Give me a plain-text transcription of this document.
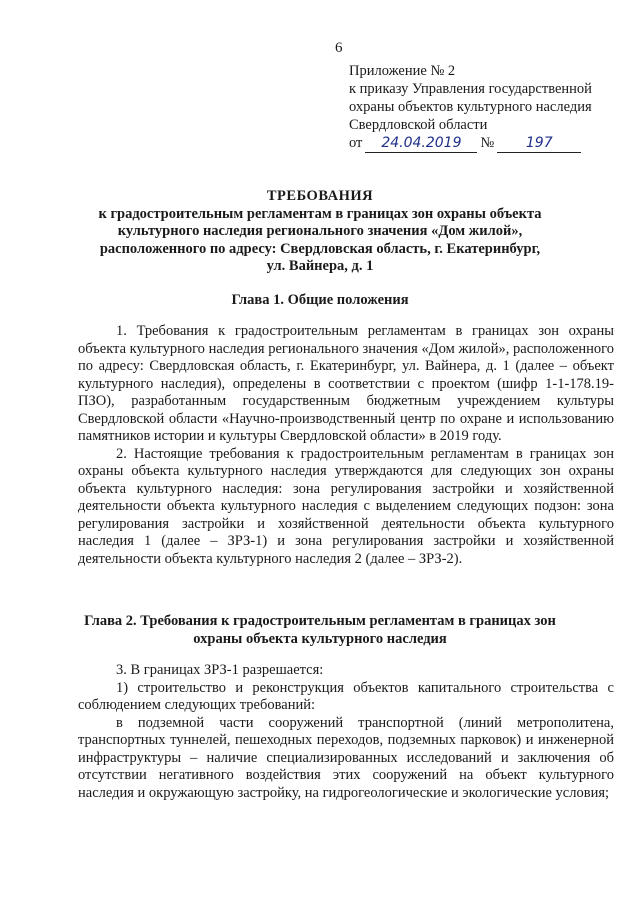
6
Приложение № 2
к приказу Управления государственной
охраны объектов культурного наследия
Свердловской области
от	24.04.2019	№	197
ТРЕБОВАНИЯ
к градостроительным регламентам в границах зон охраны объекта
культурного наследия регионального значения «Дом жилой»,
расположенного по адресу: Свердловская область, г. Екатеринбург,
ул. Вайнера, д. 1
Глава 1. Общие положения

1. Требования к градостроительным регламентам в границах зон охраны объекта культурного наследия регионального значения «Дом жилой», расположенного по адресу: Свердловская область, г. Екатеринбург, ул. Вайнера, д. 1 (далее – объект культурного наследия), определены в соответствии с проектом (шифр 1-1-178.19-ПЗО), разработанным государственным бюджетным учреждением культуры Свердловской области «Научно-производственный центр по охране и использованию памятников истории и культуры Свердловской области» в 2019 году.

2. Настоящие требования к градостроительным регламентам в границах зон охраны объекта культурного наследия утверждаются для следующих зон охраны объекта культурного наследия: зона регулирования застройки и хозяйственной деятельности объекта культурного наследия с выделением следующих подзон: зона регулирования застройки и хозяйственной деятельности объекта культурного наследия 1 (далее – ЗРЗ-1) и зона регулирования застройки и хозяйственной деятельности объекта культурного наследия 2 (далее – ЗРЗ-2).

Глава 2. Требования к градостроительным регламентам в границах зон
охраны объекта культурного наследия

3. В границах ЗРЗ-1 разрешается:

1) строительство и реконструкция объектов капитального строительства с соблюдением следующих требований:

в подземной части сооружений транспортной (линий метрополитена, транспортных туннелей, пешеходных переходов, подземных парковок) и инженерной инфраструктуры – наличие специализированных исследований и заключения об отсутствии негативного воздействия этих сооружений на объект культурного наследия и окружающую застройку, на гидрогеологические и экологические условия;
